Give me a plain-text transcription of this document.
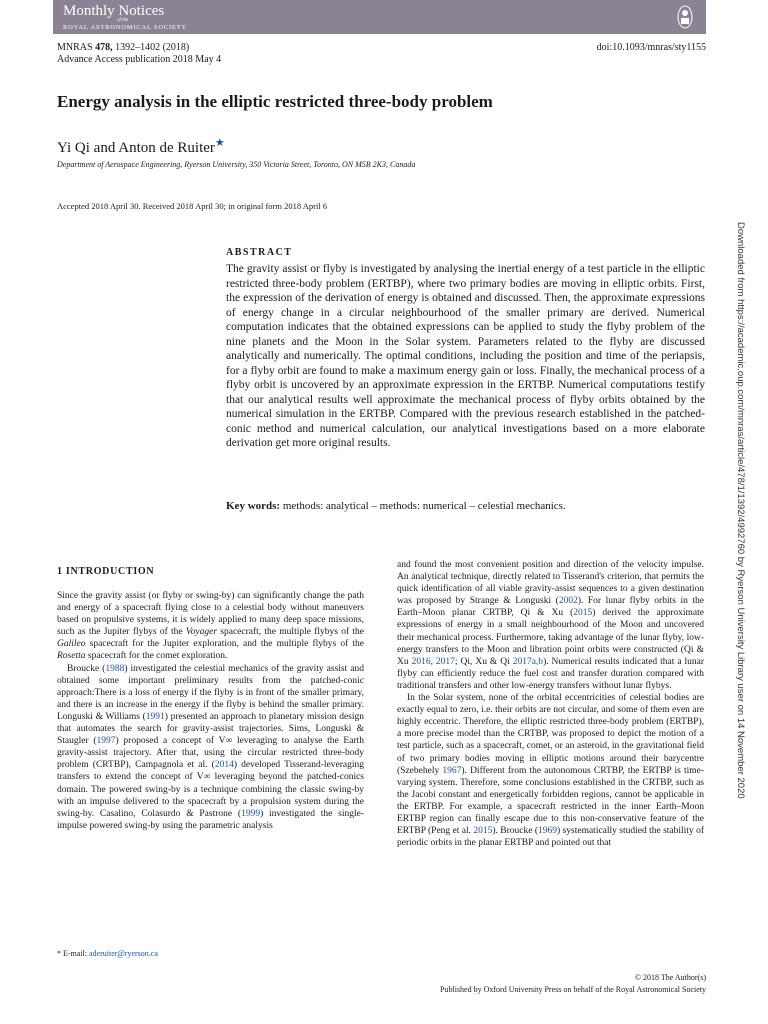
Monthly Notices
of the
ROYAL ASTRONOMICAL SOCIETY
MNRAS 478, 1392–1402 (2018)
Advance Access publication 2018 May 4
doi:10.1093/mnras/sty1155
Energy analysis in the elliptic restricted three-body problem
Yi Qi and Anton de Ruiter★
Department of Aerospace Engineering, Ryerson University, 350 Victoria Street, Toronto, ON M5B 2K3, Canada
Accepted 2018 April 30. Received 2018 April 30; in original form 2018 April 6
ABSTRACT
The gravity assist or flyby is investigated by analysing the inertial energy of a test particle in the elliptic restricted three-body problem (ERTBP), where two primary bodies are moving in elliptic orbits. First, the expression of the derivation of energy is obtained and discussed. Then, the approximate expressions of energy change in a circular neighbourhood of the smaller primary are derived. Numerical computation indicates that the obtained expressions can be applied to study the flyby problem of the nine planets and the Moon in the Solar system. Parameters related to the flyby are discussed analytically and numerically. The optimal conditions, including the position and time of the periapsis, for a flyby orbit are found to make a maximum energy gain or loss. Finally, the mechanical process of a flyby orbit is uncovered by an approximate expression in the ERTBP. Numerical computations testify that our analytical results well approximate the mechanical process of flyby orbits obtained by the numerical simulation in the ERTBP. Compared with the previous research established in the patched-conic method and numerical calculation, our analytical investigations based on a more elaborate derivation get more original results.
Key words: methods: analytical – methods: numerical – celestial mechanics.
1 INTRODUCTION

Since the gravity assist (or flyby or swing-by) can significantly change the path and energy of a spacecraft flying close to a celestial body without maneuvers based on propulsive systems, it is widely applied to many deep space missions, such as the Jupiter flybys of the Voyager spacecraft, the multiple flybys of the Galileo spacecraft for the Jupiter exploration, and the multiple flybys of the Rosetta spacecraft for the comet exploration.

Broucke (1988) investigated the celestial mechanics of the gravity assist and obtained some important preliminary results from the patched-conic approach:There is a loss of energy if the flyby is in front of the smaller primary, and there is an increase in the energy if the flyby is behind the smaller primary. Longuski & Williams (1991) presented an approach to planetary mission design that automates the search for gravity-assist trajectories. Sims, Longuski & Staugler (1997) proposed a concept of V∞ leveraging to analyse the Earth gravity-assist trajectory. After that, using the circular restricted three-body problem (CRTBP), Campagnola et al. (2014) developed Tisserand-leveraging transfers to extend the concept of V∞ leveraging beyond the patched-conics domain. The powered swing-by is a technique combining the classic swing-by with an impulse delivered to the spacecraft by a propulsion system during the swing-by. Casalino, Colasurdo & Pastrone (1999) investigated the single-impulse powered swing-by using the parametric analysis

and found the most convenient position and direction of the velocity impulse. An analytical technique, directly related to Tisserand's criterion, that permits the quick identification of all viable gravity-assist sequences to a given destination was proposed by Strange & Longuski (2002). For lunar flyby orbits in the Earth–Moon planar CRTBP, Qi & Xu (2015) derived the approximate expressions of energy in a small neighbourhood of the Moon and uncovered their mechanical process. Furthermore, taking advantage of the lunar flyby, low-energy transfers to the Moon and libration point orbits were constructed (Qi & Xu 2016, 2017; Qi, Xu & Qi 2017a,b). Numerical results indicated that a lunar flyby can efficiently reduce the fuel cost and transfer duration compared with traditional transfers and other low-energy transfers without lunar flybys.

In the Solar system, none of the orbital eccentricities of celestial bodies are exactly equal to zero, i.e. their orbits are not circular, and some of them even are highly eccentric. Therefore, the elliptic restricted three-body problem (ERTBP), a more precise model than the CRTBP, was proposed to depict the motion of a test particle, such as a spacecraft, comet, or an asteroid, in the gravitational field of two primary bodies moving in elliptic motions around their barycentre (Szebehely 1967). Different from the autonomous CRTBP, the ERTBP is time-varying system. Therefore, some conclusions established in the CRTBP, such as the Jacobi constant and energetically forbidden regions, cannot be applicable in the ERTBP. For example, a spacecraft restricted in the inner Earth–Moon ERTBP region can finally escape due to this non-conservative feature of the ERTBP (Peng et al. 2015). Broucke (1969) systematically studied the stability of periodic orbits in the planar ERTBP and pointed out that

* E-mail: aderuiter@ryerson.ca
© 2018 The Author(s)
Published by Oxford University Press on behalf of the Royal Astronomical Society
Downloaded from https://academic.oup.com/mnras/article/478/1/1392/4992760 by Ryerson University Library user on 14 November 2020
